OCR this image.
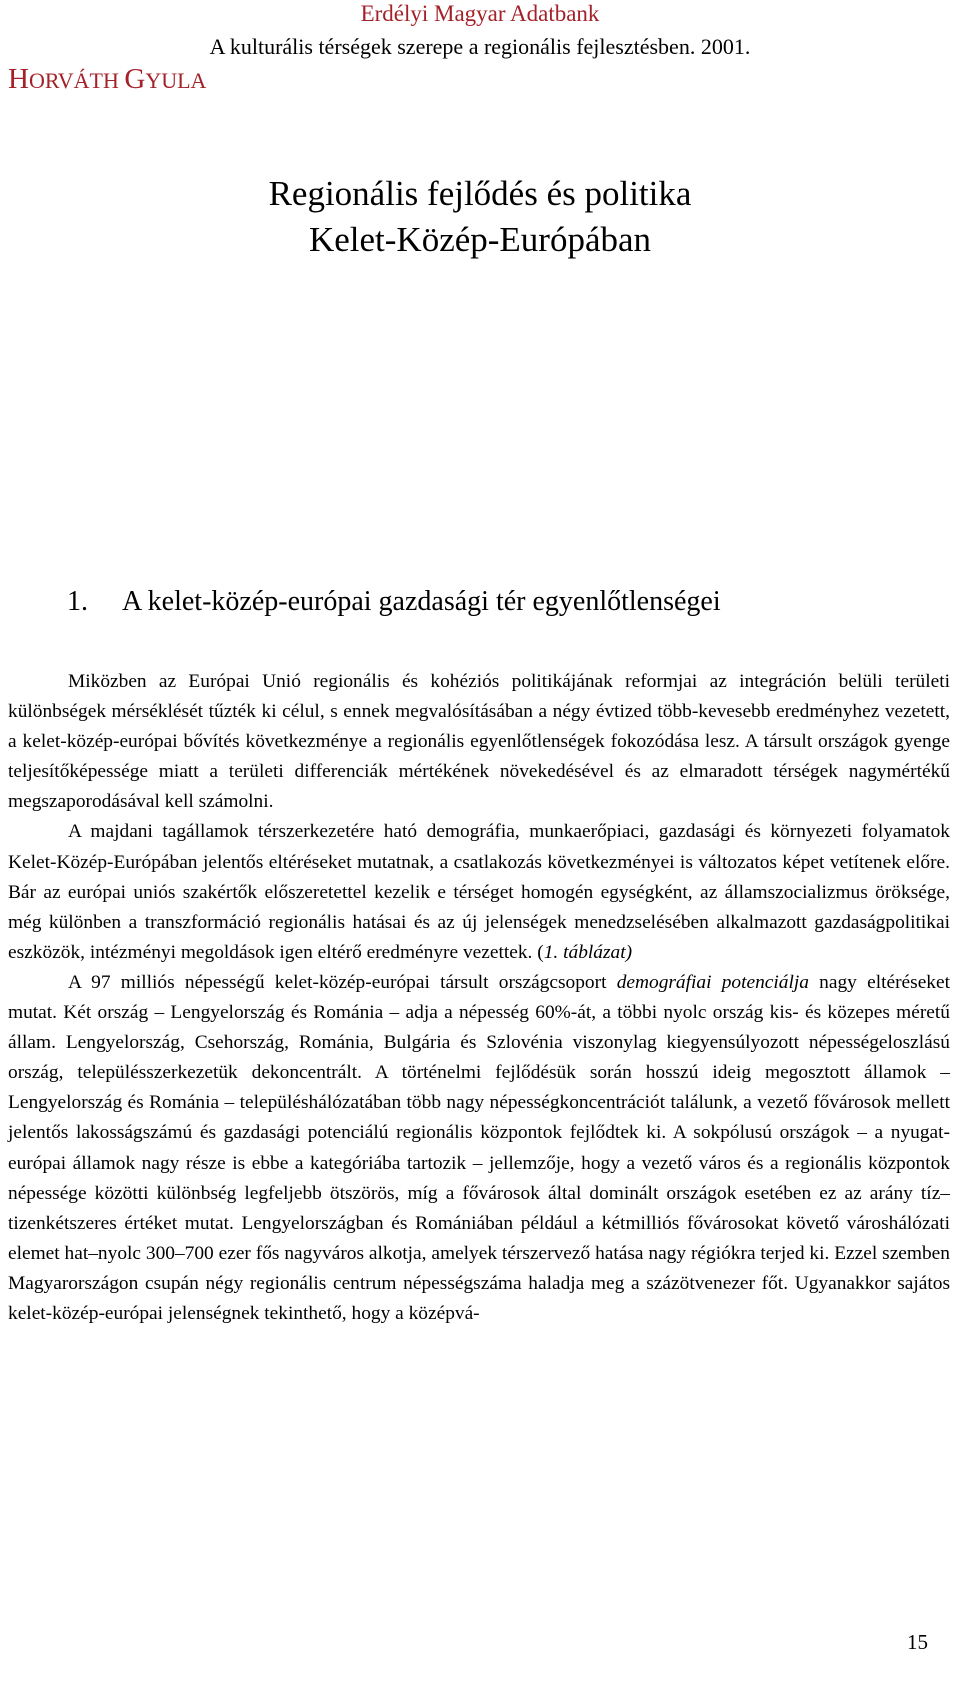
Erdélyi Magyar Adatbank
A kulturális térségek szerepe a regionális fejlesztésben. 2001.
HORVÁTH GYULA
Regionális fejlődés és politika
Kelet-Közép-Európában
1. A kelet-közép-európai gazdasági tér egyenlőtlenségei

Miközben az Európai Unió regionális és kohéziós politikájának reformjai az integráción belüli területi különbségek mérséklését tűzték ki célul, s ennek megvalósításában a négy évtized több-kevesebb eredményhez vezetett, a kelet-közép-európai bővítés következménye a regionális egyenlőtlenségek fokozódása lesz. A társult országok gyenge teljesítőképessége miatt a területi differenciák mértékének növekedésével és az elmaradott térségek nagymértékű megszaporodásával kell számolni.

A majdani tagállamok térszerkezetére ható demográfia, munkaerőpiaci, gazdasági és környezeti folyamatok Kelet-Közép-Európában jelentős eltéréseket mutatnak, a csatlakozás következményei is változatos képet vetítenek előre. Bár az európai uniós szakértők előszeretettel kezelik e térséget homogén egységként, az államszocializmus öröksége, még különben a transzformáció regionális hatásai és az új jelenségek menedzselésében alkalmazott gazdaságpolitikai eszközök, intézményi megoldások igen eltérő eredményre vezettek. (1. táblázat)

A 97 milliós népességű kelet-közép-európai társult országcsoport demográfiai potenciálja nagy eltéréseket mutat. Két ország – Lengyelország és Románia – adja a népesség 60%-át, a többi nyolc ország kis- és közepes méretű állam. Lengyelország, Csehország, Románia, Bulgária és Szlovénia viszonylag kiegyensúlyozott népességeloszlású ország, településszerkezetük dekoncentrált. A történelmi fejlődésük során hosszú ideig megosztott államok – Lengyelország és Románia – településhálózatában több nagy népességkoncentrációt találunk, a vezető fővárosok mellett jelentős lakosságszámú és gazdasági potenciálú regionális központok fejlődtek ki. A sokpólusú országok – a nyugat-európai államok nagy része is ebbe a kategóriába tartozik – jellemzője, hogy a vezető város és a regionális központok népessége közötti különbség legfeljebb ötszörös, míg a fővárosok által dominált országok esetében ez az arány tíz–tizenkétszeres értéket mutat. Lengyelországban és Romániában például a kétmilliós fővárosokat követő városhálózati elemet hat–nyolc 300–700 ezer fős nagyváros alkotja, amelyek térszervező hatása nagy régiókra terjed ki. Ezzel szemben Magyarországon csupán négy regionális centrum népességszáma haladja meg a százötvenezer főt. Ugyanakkor sajátos kelet-közép-európai jelenségnek tekinthető, hogy a középvá-

15
